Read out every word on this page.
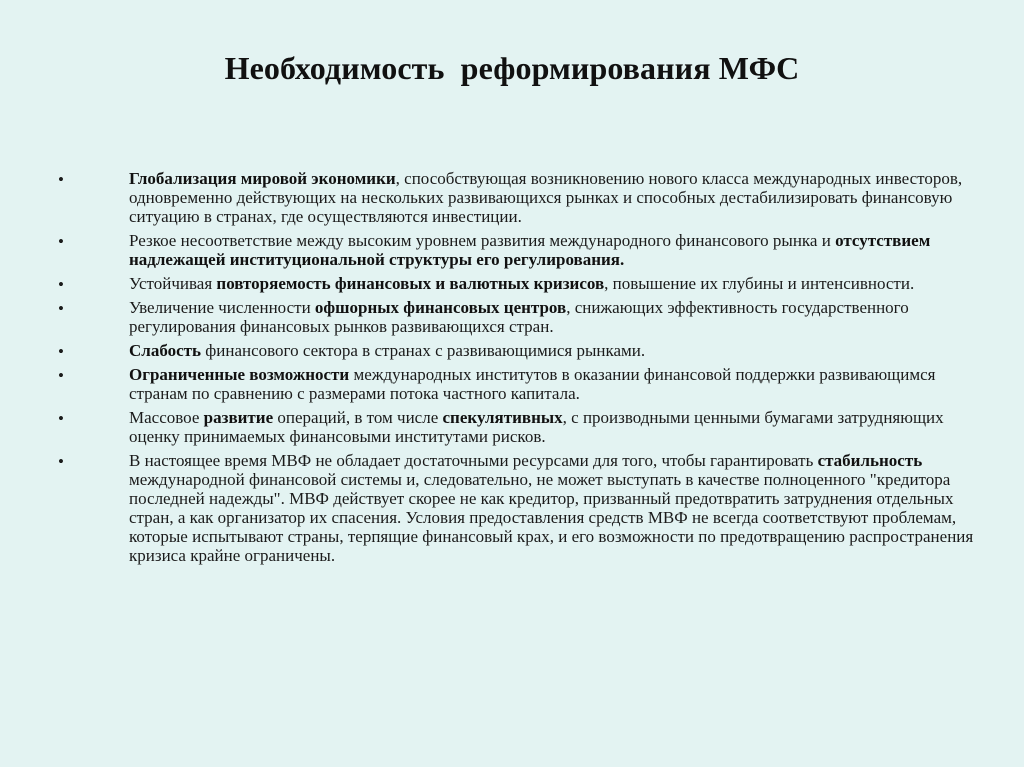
Необходимость  реформирования МФС
•	Глобализация мировой экономики, способствующая возникновению нового класса международных инвесторов, одновременно действующих на нескольких развивающихся рынках и способных дестабилизировать финансовую ситуацию в странах, где осуществляются инвестиции.
•	Резкое несоответствие между высоким уровнем развития международного финансового рынка и отсутствием надлежащей институциональной структуры его регулирования.
•	Устойчивая повторяемость финансовых и валютных кризисов, повышение их глубины и интенсивности.
•	Увеличение численности офшорных финансовых центров, снижающих эффективность государственного регулирования финансовых рынков развивающихся стран.
•	Слабость финансового сектора в странах с развивающимися рынками.
•	Ограниченные возможности международных институтов в оказании финансовой поддержки развивающимся странам по сравнению с размерами потока частного капитала.
•	Массовое развитие операций, в том числе спекулятивных, с производными ценными бумагами затрудняющих оценку принимаемых финансовыми институтами рисков.
•	В настоящее время МВФ не обладает достаточными ресурсами для того, чтобы гарантировать стабильность международной финансовой системы и, следовательно, не может выступать в качестве полноценного "кредитора последней надежды". МВФ действует скорее не как кредитор, призванный предотвратить затруднения отдельных стран, а как организатор их спасения. Условия предоставления средств МВФ не всегда соответствуют проблемам, которые испытывают страны, терпящие финансовый крах, и его возможности по предотвращению распространения кризиса крайне ограничены.
